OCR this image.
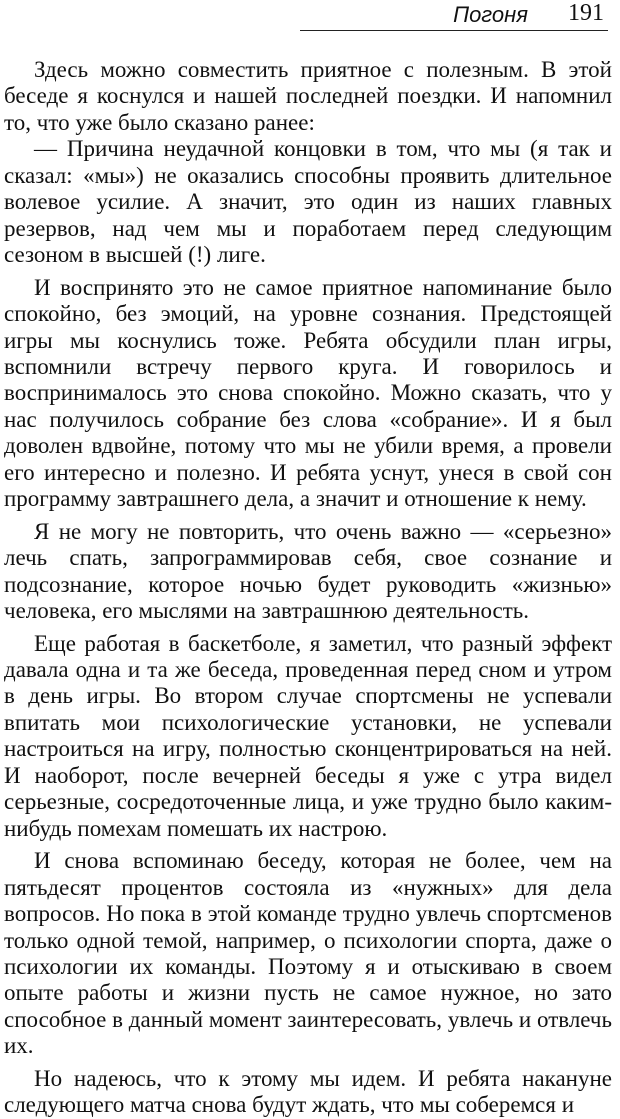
Погоня 191

Здесь можно совместить приятное с полезным. В этой беседе я коснулся и нашей последней поездки. И напомнил то, что уже было сказано ранее:

— Причина неудачной концовки в том, что мы (я так и сказал: «мы») не оказались способны проявить длительное волевое усилие. А значит, это один из наших главных резервов, над чем мы и поработаем перед следующим сезоном в высшей (!) лиге.

И воспринято это не самое приятное напоминание было спокойно, без эмоций, на уровне сознания. Предстоящей игры мы коснулись тоже. Ребята обсудили план игры, вспомнили встречу первого круга. И говорилось и воспринималось это снова спокойно. Можно сказать, что у нас получилось собрание без слова «собрание». И я был доволен вдвойне, потому что мы не убили время, а провели его интересно и полезно. И ребята уснут, унеся в свой сон программу завтрашнего дела, а значит и отношение к нему.

Я не могу не повторить, что очень важно — «серьезно» лечь спать, запрограммировав себя, свое сознание и подсознание, которое ночью будет руководить «жизнью» человека, его мыслями на завтрашнюю деятельность.

Еще работая в баскетболе, я заметил, что разный эффект давала одна и та же беседа, проведенная перед сном и утром в день игры. Во втором случае спортсмены не успевали впитать мои психологические установки, не успевали настроиться на игру, полностью сконцентрироваться на ней. И наоборот, после вечерней беседы я уже с утра видел серьезные, сосредоточенные лица, и уже трудно было каким-нибудь помехам помешать их настрою.

И снова вспоминаю беседу, которая не более, чем на пятьдесят процентов состояла из «нужных» для дела вопросов. Но пока в этой команде трудно увлечь спортсменов только одной темой, например, о психологии спорта, даже о психологии их команды. Поэтому я и отыскиваю в своем опыте работы и жизни пусть не самое нужное, но зато способное в данный момент заинтересовать, увлечь и отвлечь их.

Но надеюсь, что к этому мы идем. И ребята накануне следующего матча снова будут ждать, что мы соберемся и
